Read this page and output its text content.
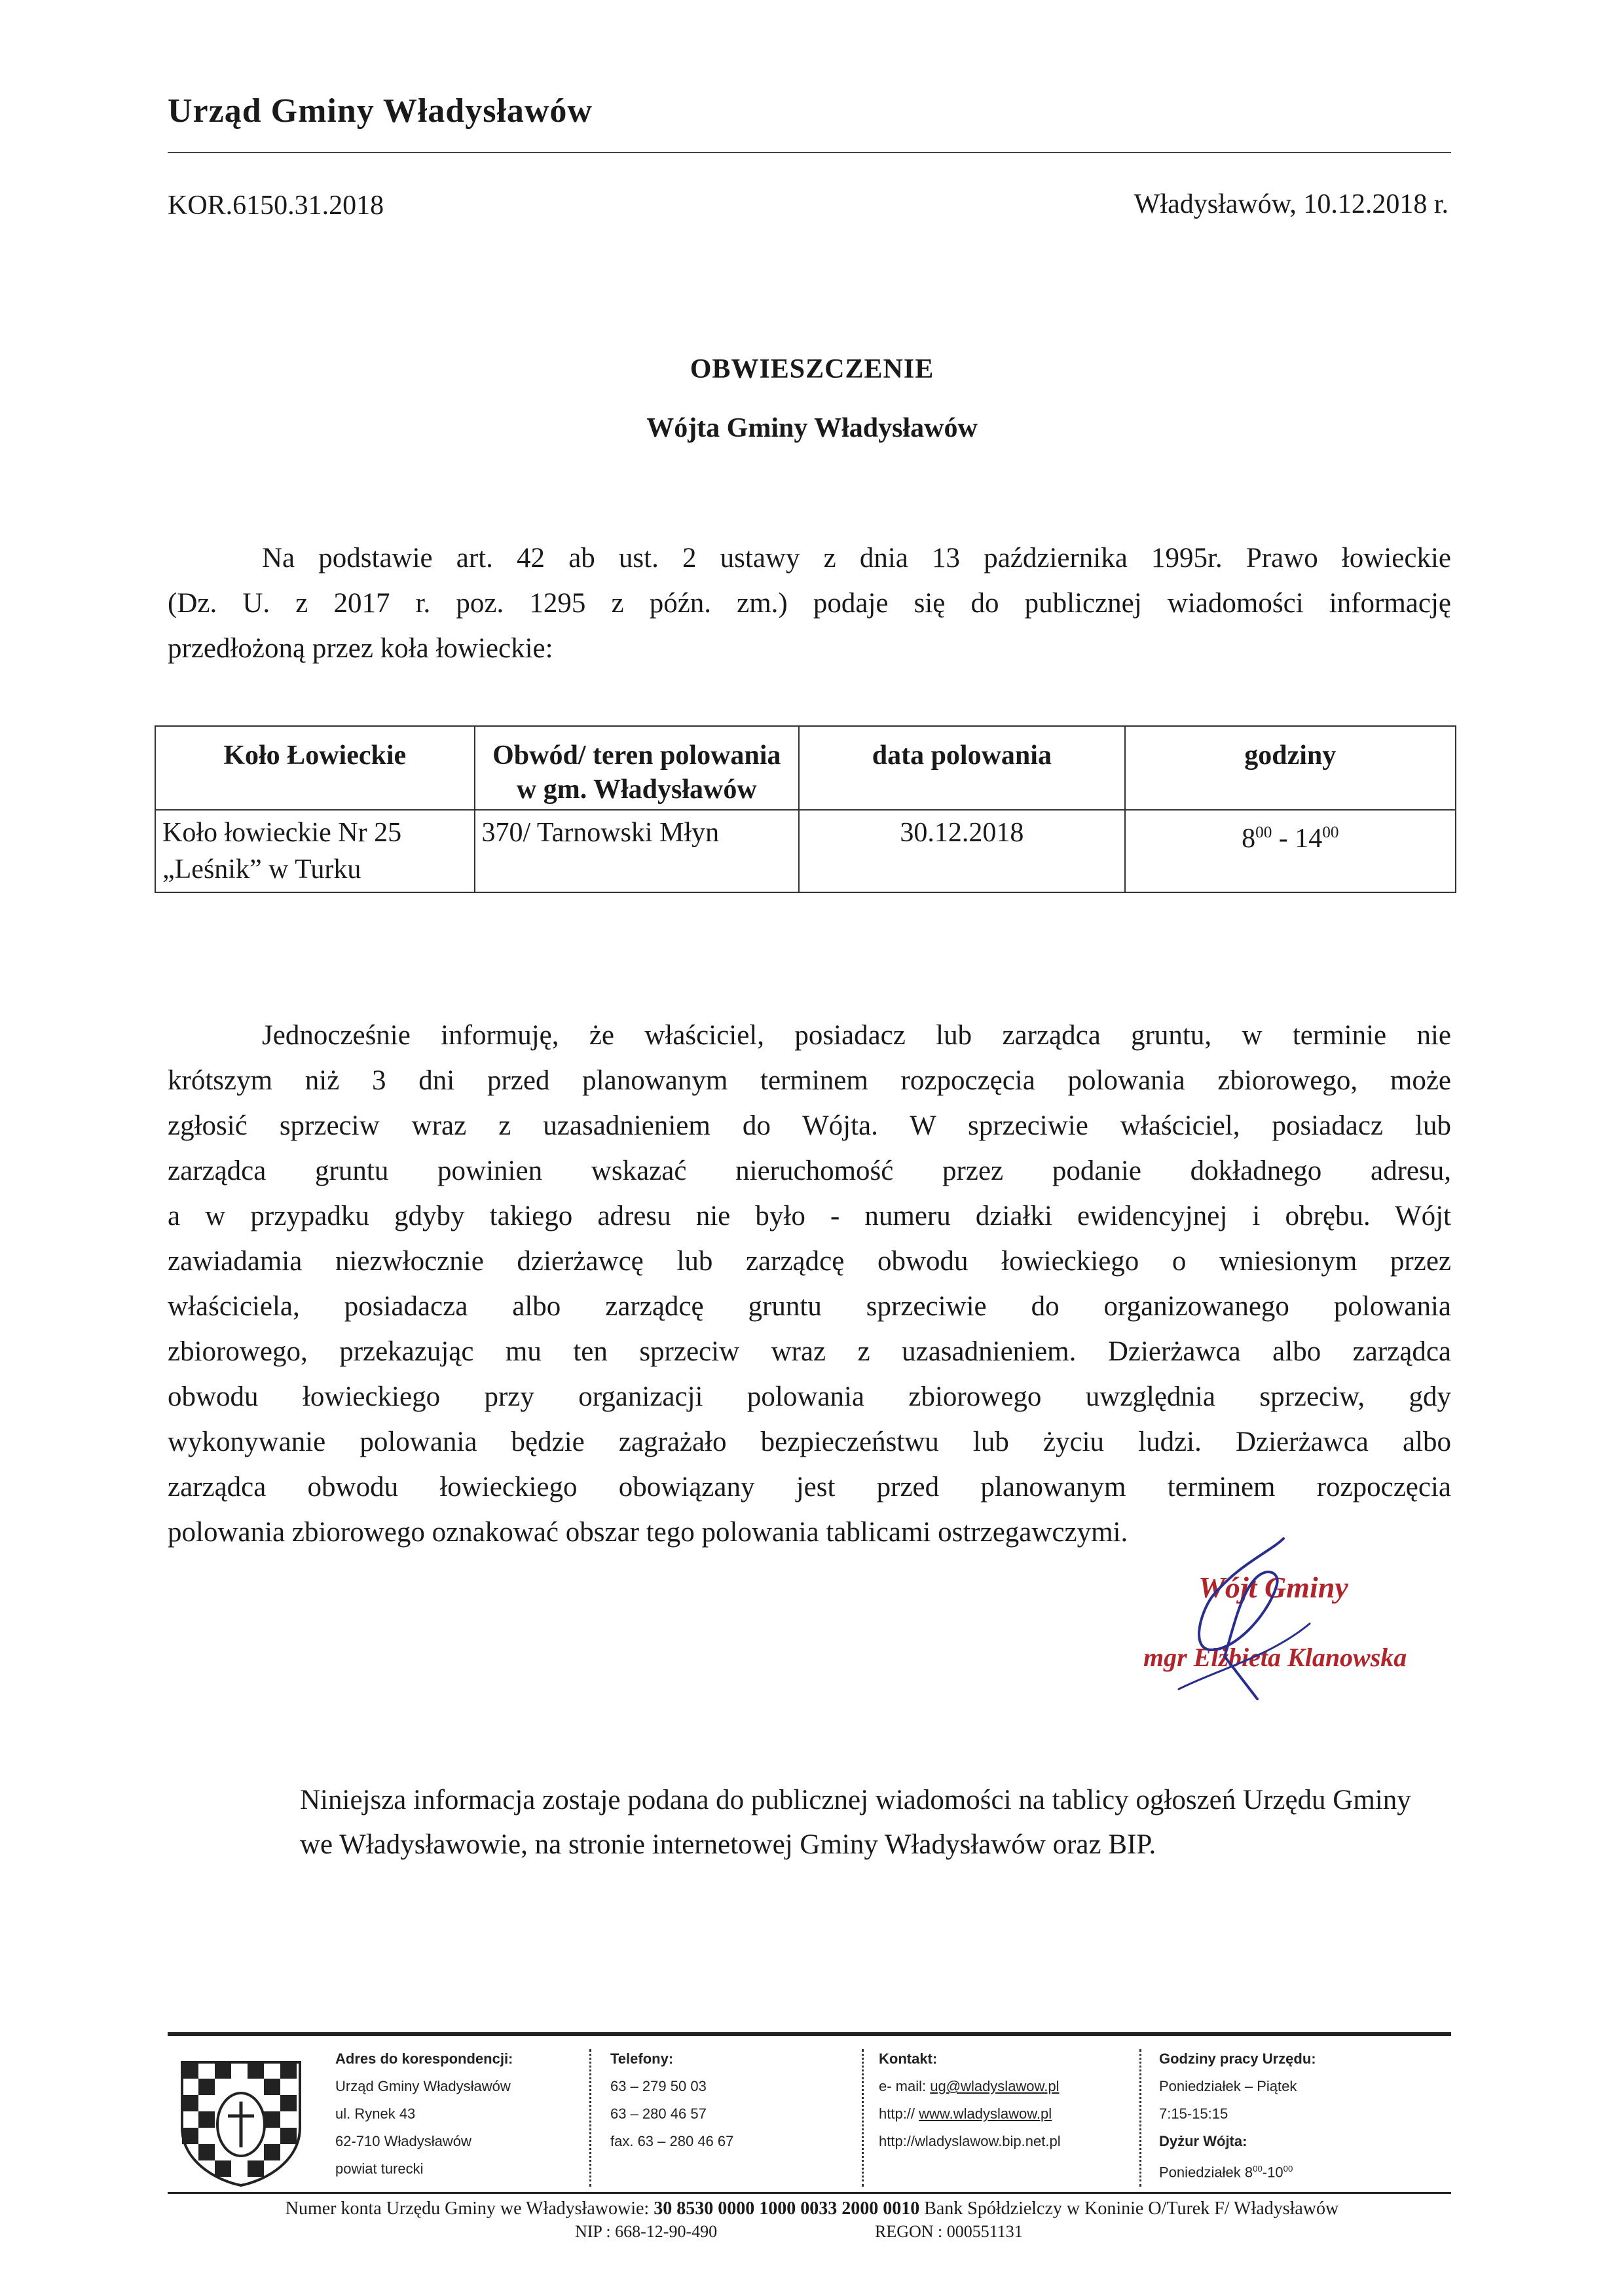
Urząd Gminy Władysławów
KOR.6150.31.2018	Władysławów, 10.12.2018 r.
OBWIESZCZENIE
Wójta Gminy Władysławów
Na podstawie art. 42 ab ust. 2 ustawy z dnia 13 października 1995r. Prawo łowieckie
(Dz. U. z 2017 r. poz. 1295 z późn. zm.) podaje się do publicznej wiadomości informację
przedłożoną przez koła łowieckie:
Koło Łowieckie	Obwód/ teren polowania w gm. Władysławów	data polowania	godziny
Koło łowieckie Nr 25 „Leśnik” w Turku	370/ Tarnowski Młyn	30.12.2018	$8^{00} - 14^{00}$
Jednocześnie informuję, że właściciel, posiadacz lub zarządca gruntu, w terminie nie
krótszym niż 3 dni przed planowanym terminem rozpoczęcia polowania zbiorowego, może
zgłosić sprzeciw wraz z uzasadnieniem do Wójta. W sprzeciwie właściciel, posiadacz lub
zarządca gruntu powinien wskazać nieruchomość przez podanie dokładnego adresu,
a w przypadku gdyby takiego adresu nie było - numeru działki ewidencyjnej i obrębu. Wójt
zawiadamia niezwłocznie dzierżawcę lub zarządcę obwodu łowieckiego o wniesionym przez
właściciela, posiadacza albo zarządcę gruntu sprzeciwie do organizowanego polowania
zbiorowego, przekazując mu ten sprzeciw wraz z uzasadnieniem. Dzierżawca albo zarządca
obwodu łowieckiego przy organizacji polowania zbiorowego uwzględnia sprzeciw, gdy
wykonywanie polowania będzie zagrażało bezpieczeństwu lub życiu ludzi. Dzierżawca albo
zarządca obwodu łowieckiego obowiązany jest przed planowanym terminem rozpoczęcia
polowania zbiorowego oznakować obszar tego polowania tablicami ostrzegawczymi.
Wójt Gminy
mgr Elżbieta Klanowska
Niniejsza informacja zostaje podana do publicznej wiadomości na tablicy ogłoszeń Urzędu Gminy we Władysławowie, na stronie internetowej Gminy Władysławów oraz BIP.
Adres do korespondencji:
Urząd Gminy Władysławów
ul. Rynek 43
62-710 Władysławów
powiat turecki
Telefony:
63 – 279 50 03
63 – 280 46 57
fax. 63 – 280 46 67
Kontakt:
e- mail: ug@wladyslawow.pl
http:// www.wladyslawow.pl
http://wladyslawow.bip.net.pl
Godziny pracy Urzędu:
Poniedziałek – Piątek
7:15-15:15
Dyżur Wójta:
Poniedziałek $8^{00}-10^{00}$
Numer konta Urzędu Gminy we Władysławowie: 30 8530 0000 1000 0033 2000 0010 Bank Spółdzielczy w Koninie O/Turek F/ Władysławów
NIP : 668-12-90-490	REGON : 000551131
